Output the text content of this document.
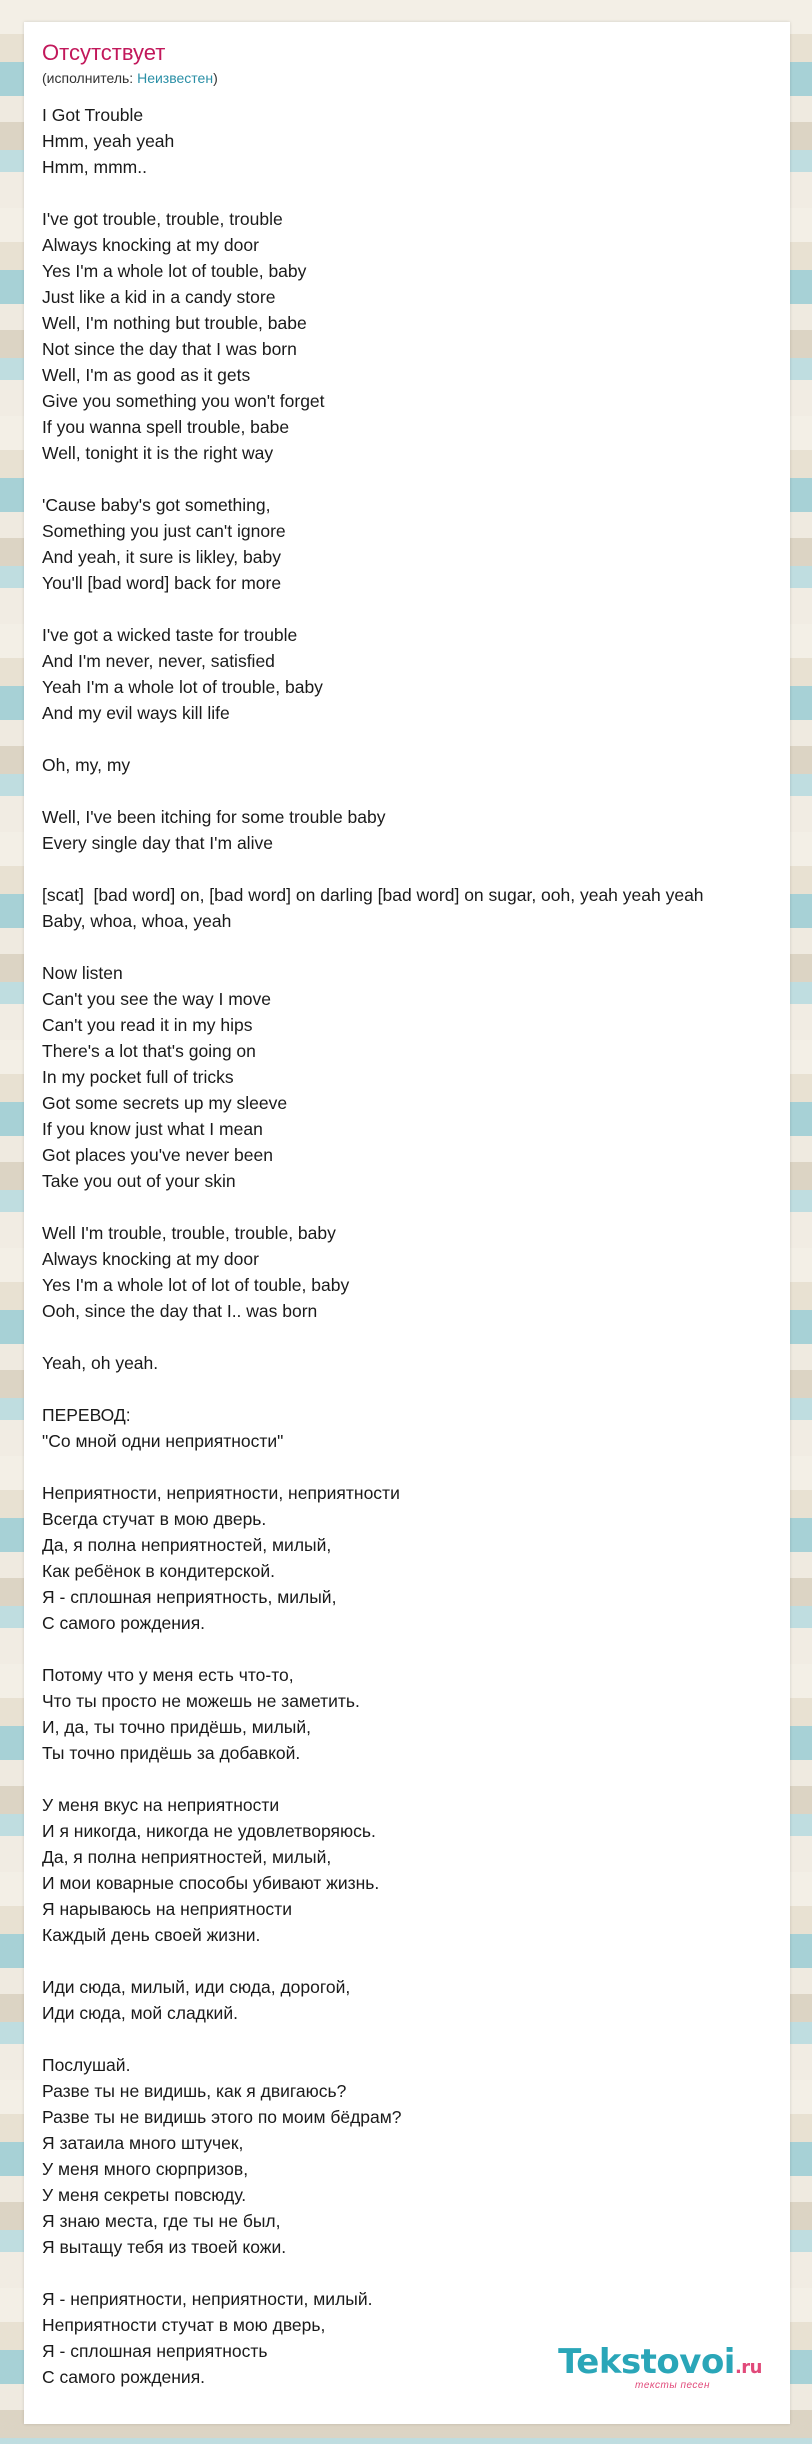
Отсутствует
(исполнитель: Неизвестен)
I Got Trouble
Hmm, yeah yeah
Hmm, mmm..

I've got trouble, trouble, trouble
Always knocking at my door
Yes I'm a whole lot of touble, baby
Just like a kid in a candy store
Well, I'm nothing but trouble, babe
Not since the day that I was born
Well, I'm as good as it gets
Give you something you won't forget
If you wanna spell trouble, babe
Well, tonight it is the right way

'Cause baby's got something,
Something you just can't ignore
And yeah, it sure is likley, baby
You'll [bad word] back for more

I've got a wicked taste for trouble
And I'm never, never, satisfied
Yeah I'm a whole lot of trouble, baby
And my evil ways kill life

Oh, my, my

Well, I've been itching for some trouble baby
Every single day that I'm alive

[scat]  [bad word] on, [bad word] on darling [bad word] on sugar, ooh, yeah yeah yeah
Baby, whoa, whoa, yeah

Now listen
Can't you see the way I move
Can't you read it in my hips
There's a lot that's going on
In my pocket full of tricks
Got some secrets up my sleeve
If you know just what I mean
Got places you've never been
Take you out of your skin

Well I'm trouble, trouble, trouble, baby
Always knocking at my door
Yes I'm a whole lot of lot of touble, baby
Ooh, since the day that I.. was born

Yeah, oh yeah.

ПЕРЕВОД:
"Со мной одни неприятности"

Неприятности, неприятности, неприятности
Всегда стучат в мою дверь.
Да, я полна неприятностей, милый,
Как ребёнок в кондитерской.
Я - сплошная неприятность, милый,
С самого рождения.

Потому что у меня есть что-то,
Что ты просто не можешь не заметить.
И, да, ты точно придёшь, милый,
Ты точно придёшь за добавкой.

У меня вкус на неприятности
И я никогда, никогда не удовлетворяюсь.
Да, я полна неприятностей, милый,
И мои коварные способы убивают жизнь.
Я нарываюсь на неприятности
Каждый день своей жизни.

Иди сюда, милый, иди сюда, дорогой,
Иди сюда, мой сладкий.

Послушай.
Разве ты не видишь, как я двигаюсь?
Разве ты не видишь этого по моим бёдрам?
Я затаила много штучек,
У меня много сюрпризов,
У меня секреты повсюду.
Я знаю места, где ты не был,
Я вытащу тебя из твоей кожи.

Я - неприятности, неприятности, милый.
Неприятности стучат в мою дверь,
Я - сплошная неприятность
С самого рождения.	Tekstovoi.ru
тексты песен
